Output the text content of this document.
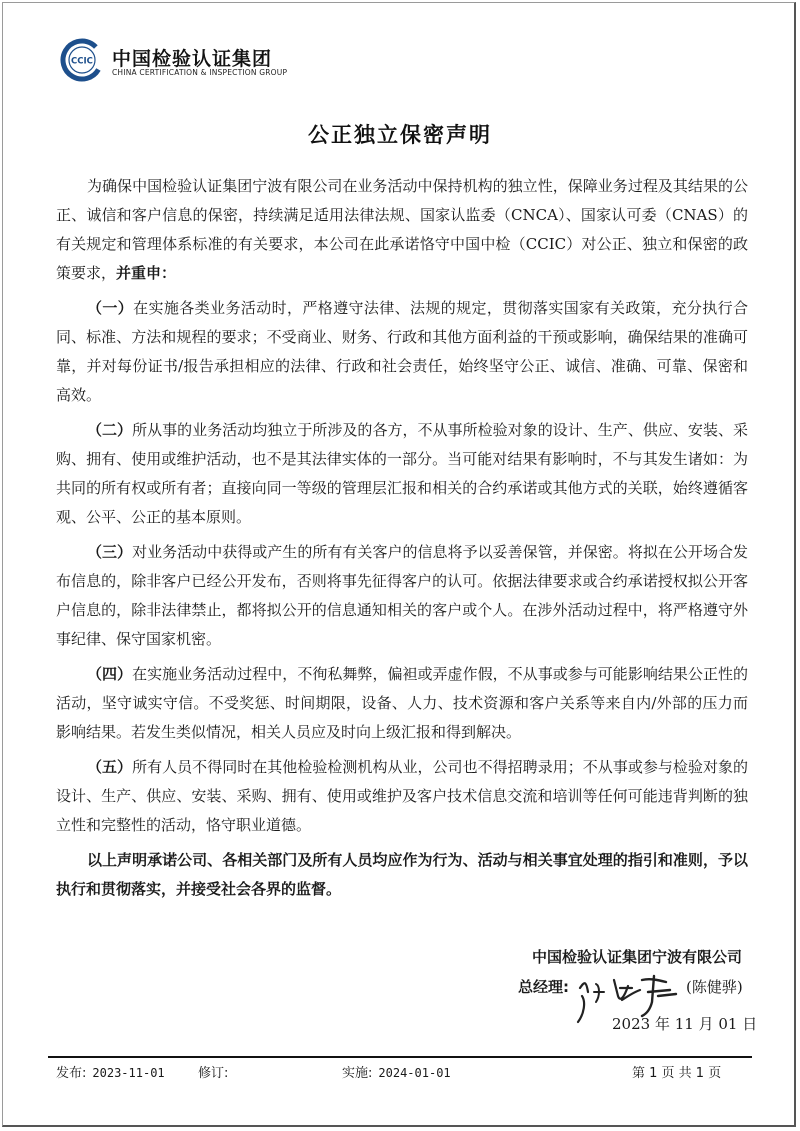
CCIC 中国检验认证集团
CHINA CERTIFICATION & INSPECTION GROUP
公正独立保密声明

为确保中国检验认证集团宁波有限公司在业务活动中保持机构的独立性，保障业务过程及其结果的公正、诚信和客户信息的保密，持续满足适用法律法规、国家认监委（CNCA）、国家认可委（CNAS）的有关规定和管理体系标准的有关要求，本公司在此承诺恪守中国中检（CCIC）对公正、独立和保密的政策要求，并重申：

（一）在实施各类业务活动时，严格遵守法律、法规的规定，贯彻落实国家有关政策，充分执行合同、标准、方法和规程的要求；不受商业、财务、行政和其他方面利益的干预或影响，确保结果的准确可靠，并对每份证书/报告承担相应的法律、行政和社会责任，始终坚守公正、诚信、准确、可靠、保密和高效。

（二）所从事的业务活动均独立于所涉及的各方，不从事所检验对象的设计、生产、供应、安装、采购、拥有、使用或维护活动，也不是其法律实体的一部分。当可能对结果有影响时，不与其发生诸如：为共同的所有权或所有者；直接向同一等级的管理层汇报和相关的合约承诺或其他方式的关联，始终遵循客观、公平、公正的基本原则。

（三）对业务活动中获得或产生的所有有关客户的信息将予以妥善保管，并保密。将拟在公开场合发布信息的，除非客户已经公开发布，否则将事先征得客户的认可。依据法律要求或合约承诺授权拟公开客户信息的，除非法律禁止，都将拟公开的信息通知相关的客户或个人。在涉外活动过程中，将严格遵守外事纪律、保守国家机密。

（四）在实施业务活动过程中，不徇私舞弊，偏袒或弄虚作假，不从事或参与可能影响结果公正性的活动，坚守诚实守信。不受奖惩、时间期限，设备、人力、技术资源和客户关系等来自内/外部的压力而影响结果。若发生类似情况，相关人员应及时向上级汇报和得到解决。

（五）所有人员不得同时在其他检验检测机构从业，公司也不得招聘录用；不从事或参与检验对象的设计、生产、供应、安装、采购、拥有、使用或维护及客户技术信息交流和培训等任何可能违背判断的独立性和完整性的活动，恪守职业道德。

以上声明承诺公司、各相关部门及所有人员均应作为行为、活动与相关事宜处理的指引和准则，予以执行和贯彻落实，并接受社会各界的监督。

中国检验认证集团宁波有限公司
总经理:	(陈健骅)
2023 年 11 月 01 日
发布: 2023-11-01	修订:	实施: 2024-01-01	第 1 页 共 1 页
